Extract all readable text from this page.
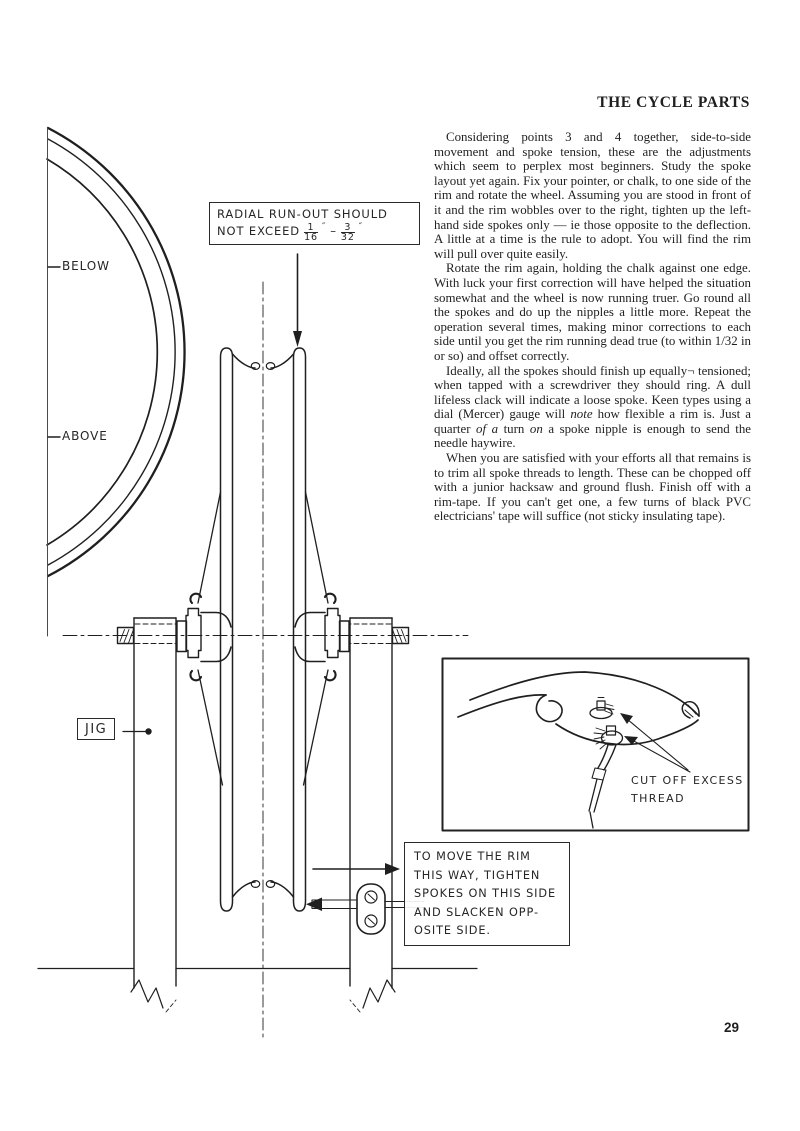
THE CYCLE PARTS

Considering points 3 and 4 together, side-to-side movement and spoke tension, these are the adjustments which seem to perplex most beginners. Study the spoke layout yet again. Fix your pointer, or chalk, to one side of the rim and rotate the wheel. Assuming you are stood in front of it and the rim wobbles over to the right, tighten up the left-hand side spokes only — ie those opposite to the deflection. A little at a time is the rule to adopt. You will find the rim will pull over quite easily.

Rotate the rim again, holding the chalk against one edge. With luck your first correction will have helped the situation somewhat and the wheel is now running truer. Go round all the spokes and do up the nipples a little more. Repeat the operation several times, making minor corrections to each side until you get the rim running dead true (to within 1/32 in or so) and offset correctly.

Ideally, all the spokes should finish up equally¬ tensioned; when tapped with a screwdriver they should ring. A dull lifeless clack will indicate a loose spoke. Keen types using a dial (Mercer) gauge will note how flexible a rim is. Just a quarter of a turn on a spoke nipple is enough to send the needle haywire.

When you are satisfied with your efforts all that remains is to trim all spoke threads to length. These can be chopped off with a junior hacksaw and ground flush. Finish off with a rim-tape. If you can't get one, a few turns of black PVC electricians' tape will suffice (not sticky insulating tape).

29
RADIAL RUN-OUT SHOULD
NOT EXCEED $\frac{1}{16}$ ″ – $\frac{3}{32}$ ″
BELOW
ABOVE
JIG
TO MOVE THE RIM
THIS WAY, TIGHTEN
SPOKES ON THIS SIDE
AND SLACKEN OPP-
OSITE SIDE.
CUT OFF EXCESS
THREAD
